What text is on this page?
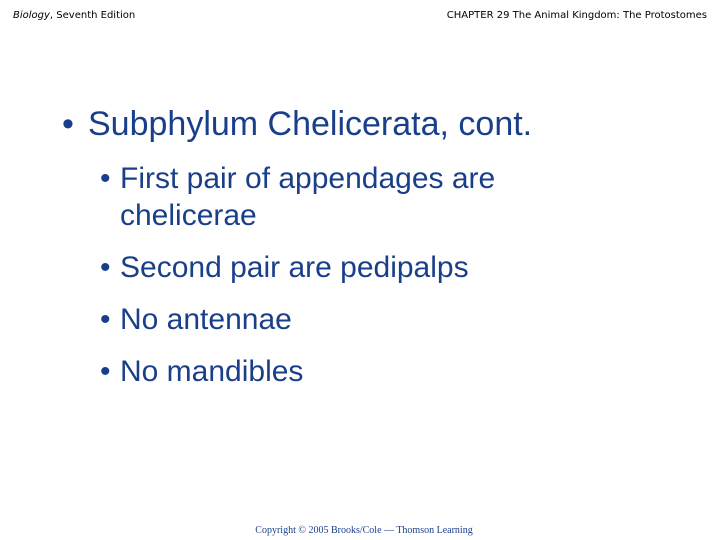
Biology, Seventh Edition	CHAPTER 29 The Animal Kingdom: The Protostomes
• Subphylum Chelicerata, cont.
• First pair of appendages are
chelicerae
• Second pair are pedipalps
• No antennae
• No mandibles
Copyright © 2005 Brooks/Cole — Thomson Learning
